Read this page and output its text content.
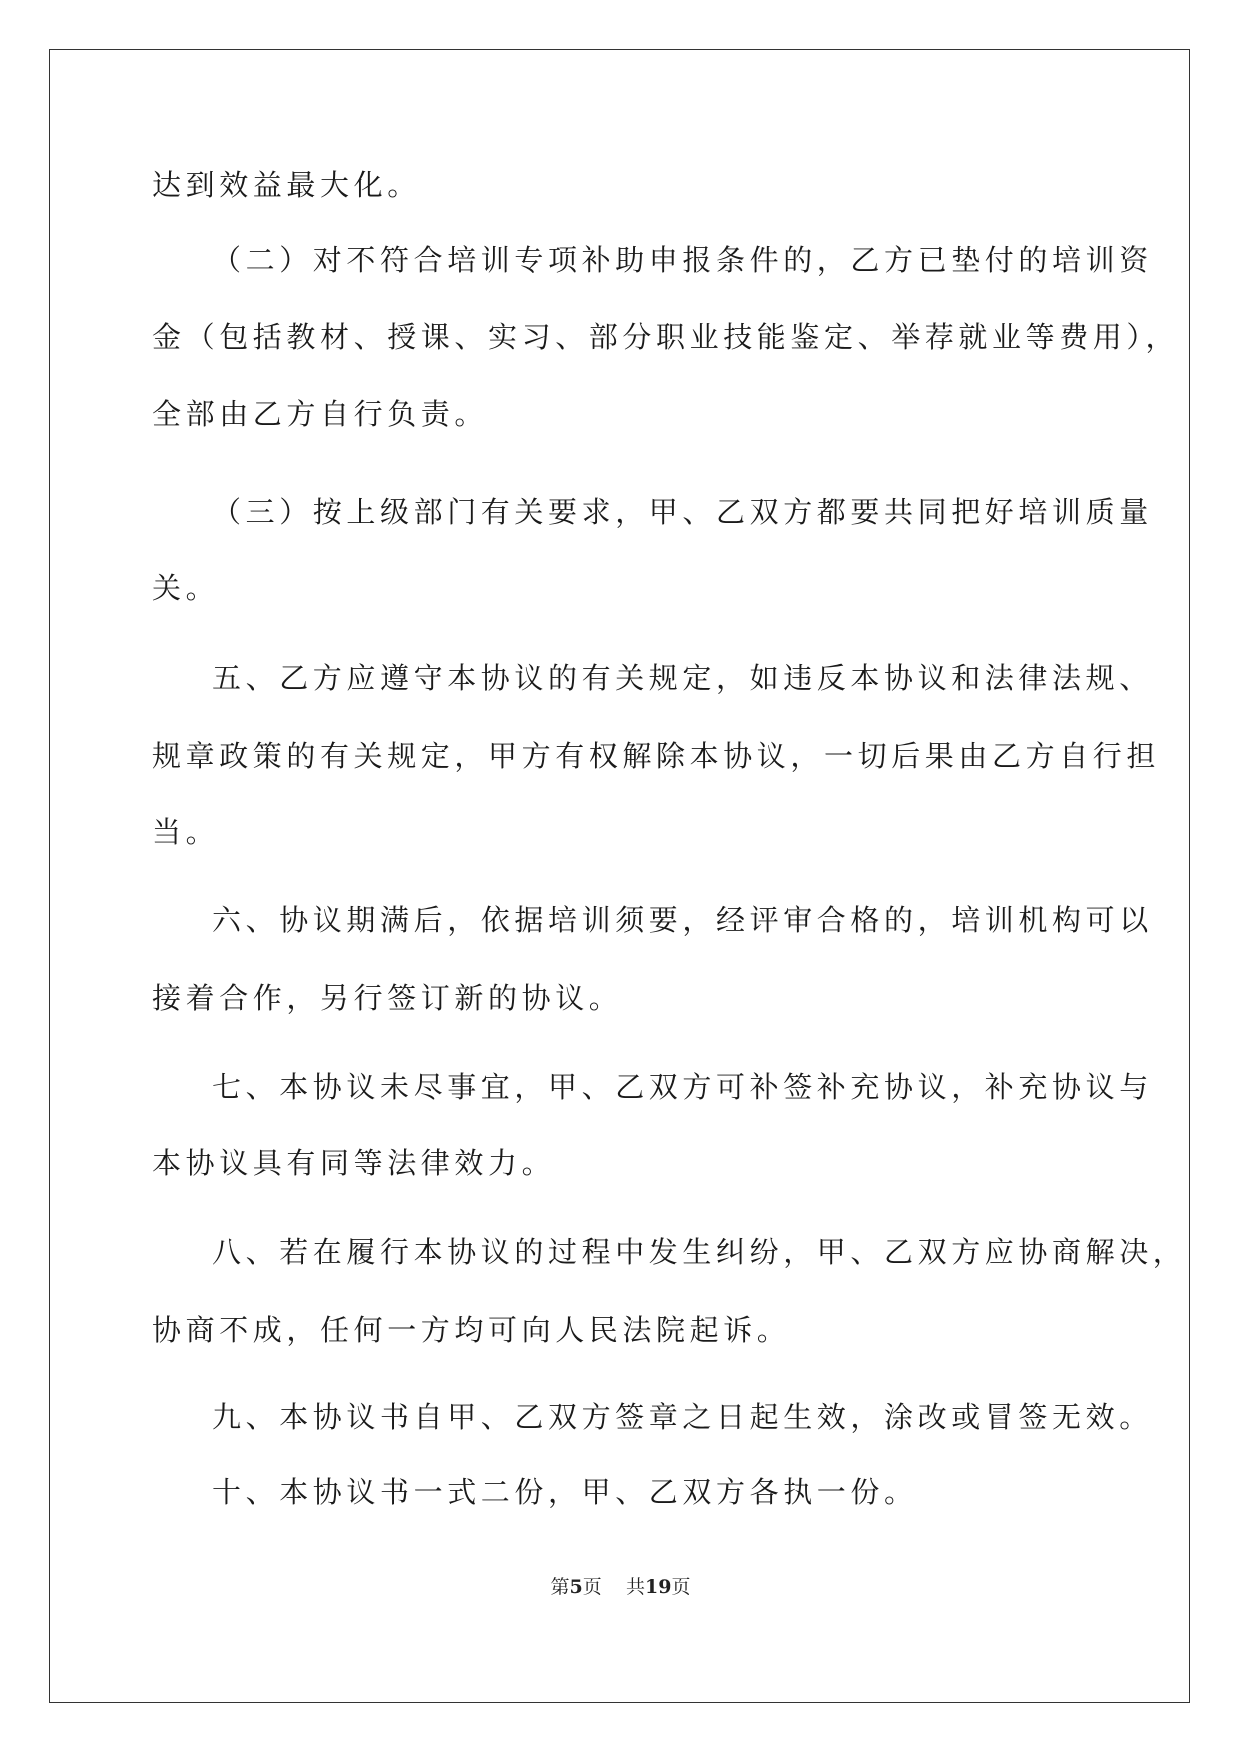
达到效益最大化。
（二）对不符合培训专项补助申报条件的，乙方已垫付的培训资
金（包括教材、授课、实习、部分职业技能鉴定、举荐就业等费用），
全部由乙方自行负责。
（三）按上级部门有关要求，甲、乙双方都要共同把好培训质量
关。
五、乙方应遵守本协议的有关规定，如违反本协议和法律法规、
规章政策的有关规定，甲方有权解除本协议，一切后果由乙方自行担
当。
六、协议期满后，依据培训须要，经评审合格的，培训机构可以
接着合作，另行签订新的协议。
七、本协议未尽事宜，甲、乙双方可补签补充协议，补充协议与
本协议具有同等法律效力。
八、若在履行本协议的过程中发生纠纷，甲、乙双方应协商解决，
协商不成，任何一方均可向人民法院起诉。
九、本协议书自甲、乙双方签章之日起生效，涂改或冒签无效。
十、本协议书一式二份，甲、乙双方各执一份。
第5页 共19页
